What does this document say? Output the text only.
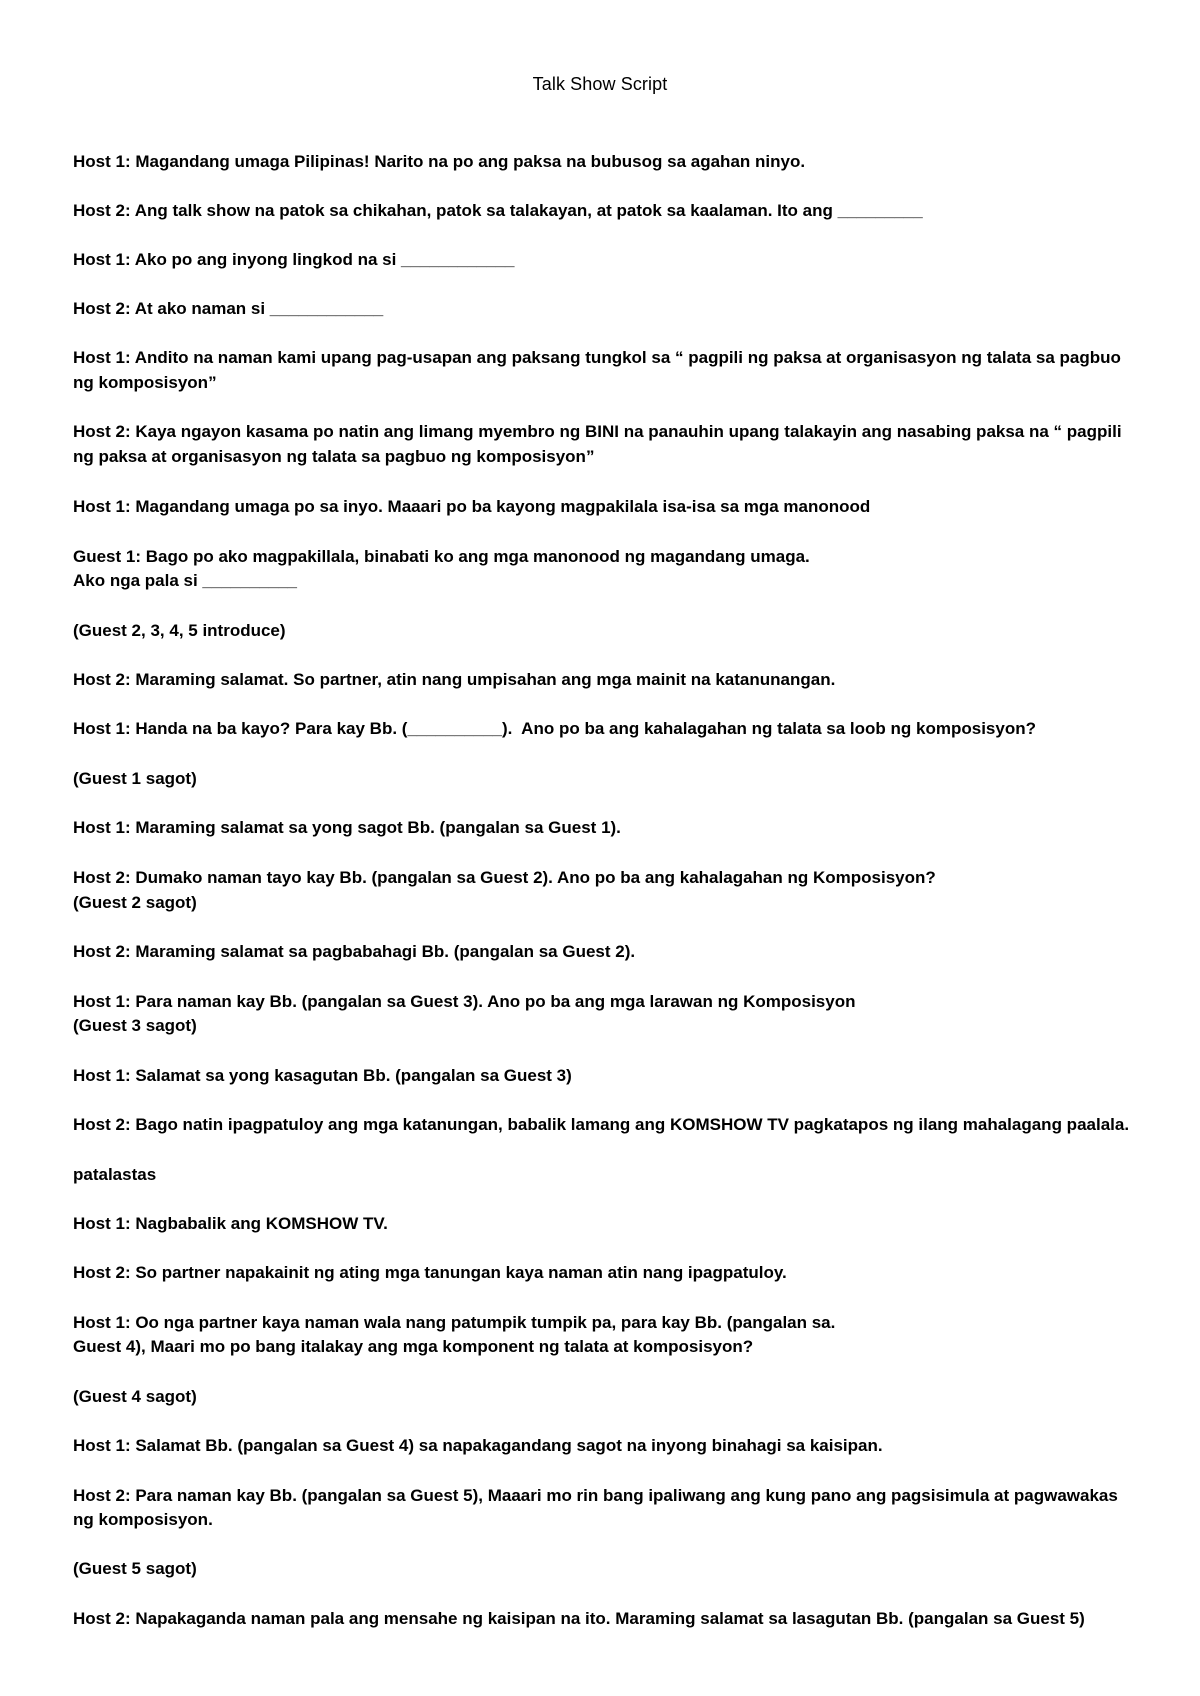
Talk Show Script
Host 1: Magandang umaga Pilipinas! Narito na po ang paksa na bubusog sa agahan ninyo.
Host 2: Ang talk show na patok sa chikahan, patok sa talakayan, at patok sa kaalaman. Ito ang _________
Host 1: Ako po ang inyong lingkod na si ____________
Host 2: At ako naman si ____________
Host 1: Andito na naman kami upang pag-usapan ang paksang tungkol sa “ pagpili ng paksa at organisasyon ng talata sa pagbuo
ng komposisyon”
Host 2: Kaya ngayon kasama po natin ang limang myembro ng BINI na panauhin upang talakayin ang nasabing paksa na “ pagpili
ng paksa at organisasyon ng talata sa pagbuo ng komposisyon”
Host 1: Magandang umaga po sa inyo. Maaari po ba kayong magpakilala isa-isa sa mga manonood
Guest 1: Bago po ako magpakillala, binabati ko ang mga manonood ng magandang umaga.
Ako nga pala si __________
(Guest 2, 3, 4, 5 introduce)
Host 2: Maraming salamat. So partner, atin nang umpisahan ang mga mainit na katanunangan.
Host 1: Handa na ba kayo? Para kay Bb. (__________).  Ano po ba ang kahalagahan ng talata sa loob ng komposisyon?
(Guest 1 sagot)
Host 1: Maraming salamat sa yong sagot Bb. (pangalan sa Guest 1).
Host 2: Dumako naman tayo kay Bb. (pangalan sa Guest 2). Ano po ba ang kahalagahan ng Komposisyon?
(Guest 2 sagot)
Host 2: Maraming salamat sa pagbabahagi Bb. (pangalan sa Guest 2).
Host 1: Para naman kay Bb. (pangalan sa Guest 3). Ano po ba ang mga larawan ng Komposisyon
(Guest 3 sagot)
Host 1: Salamat sa yong kasagutan Bb. (pangalan sa Guest 3)
Host 2: Bago natin ipagpatuloy ang mga katanungan, babalik lamang ang KOMSHOW TV pagkatapos ng ilang mahalagang paalala.
patalastas
Host 1: Nagbabalik ang KOMSHOW TV.
Host 2: So partner napakainit ng ating mga tanungan kaya naman atin nang ipagpatuloy.
Host 1: Oo nga partner kaya naman wala nang patumpik tumpik pa, para kay Bb. (pangalan sa.
Guest 4), Maari mo po bang italakay ang mga komponent ng talata at komposisyon?
(Guest 4 sagot)
Host 1: Salamat Bb. (pangalan sa Guest 4) sa napakagandang sagot na inyong binahagi sa kaisipan.
Host 2: Para naman kay Bb. (pangalan sa Guest 5), Maaari mo rin bang ipaliwang ang kung pano ang pagsisimula at pagwawakas
ng komposisyon.
(Guest 5 sagot)
Host 2: Napakaganda naman pala ang mensahe ng kaisipan na ito. Maraming salamat sa lasagutan Bb. (pangalan sa Guest 5)
